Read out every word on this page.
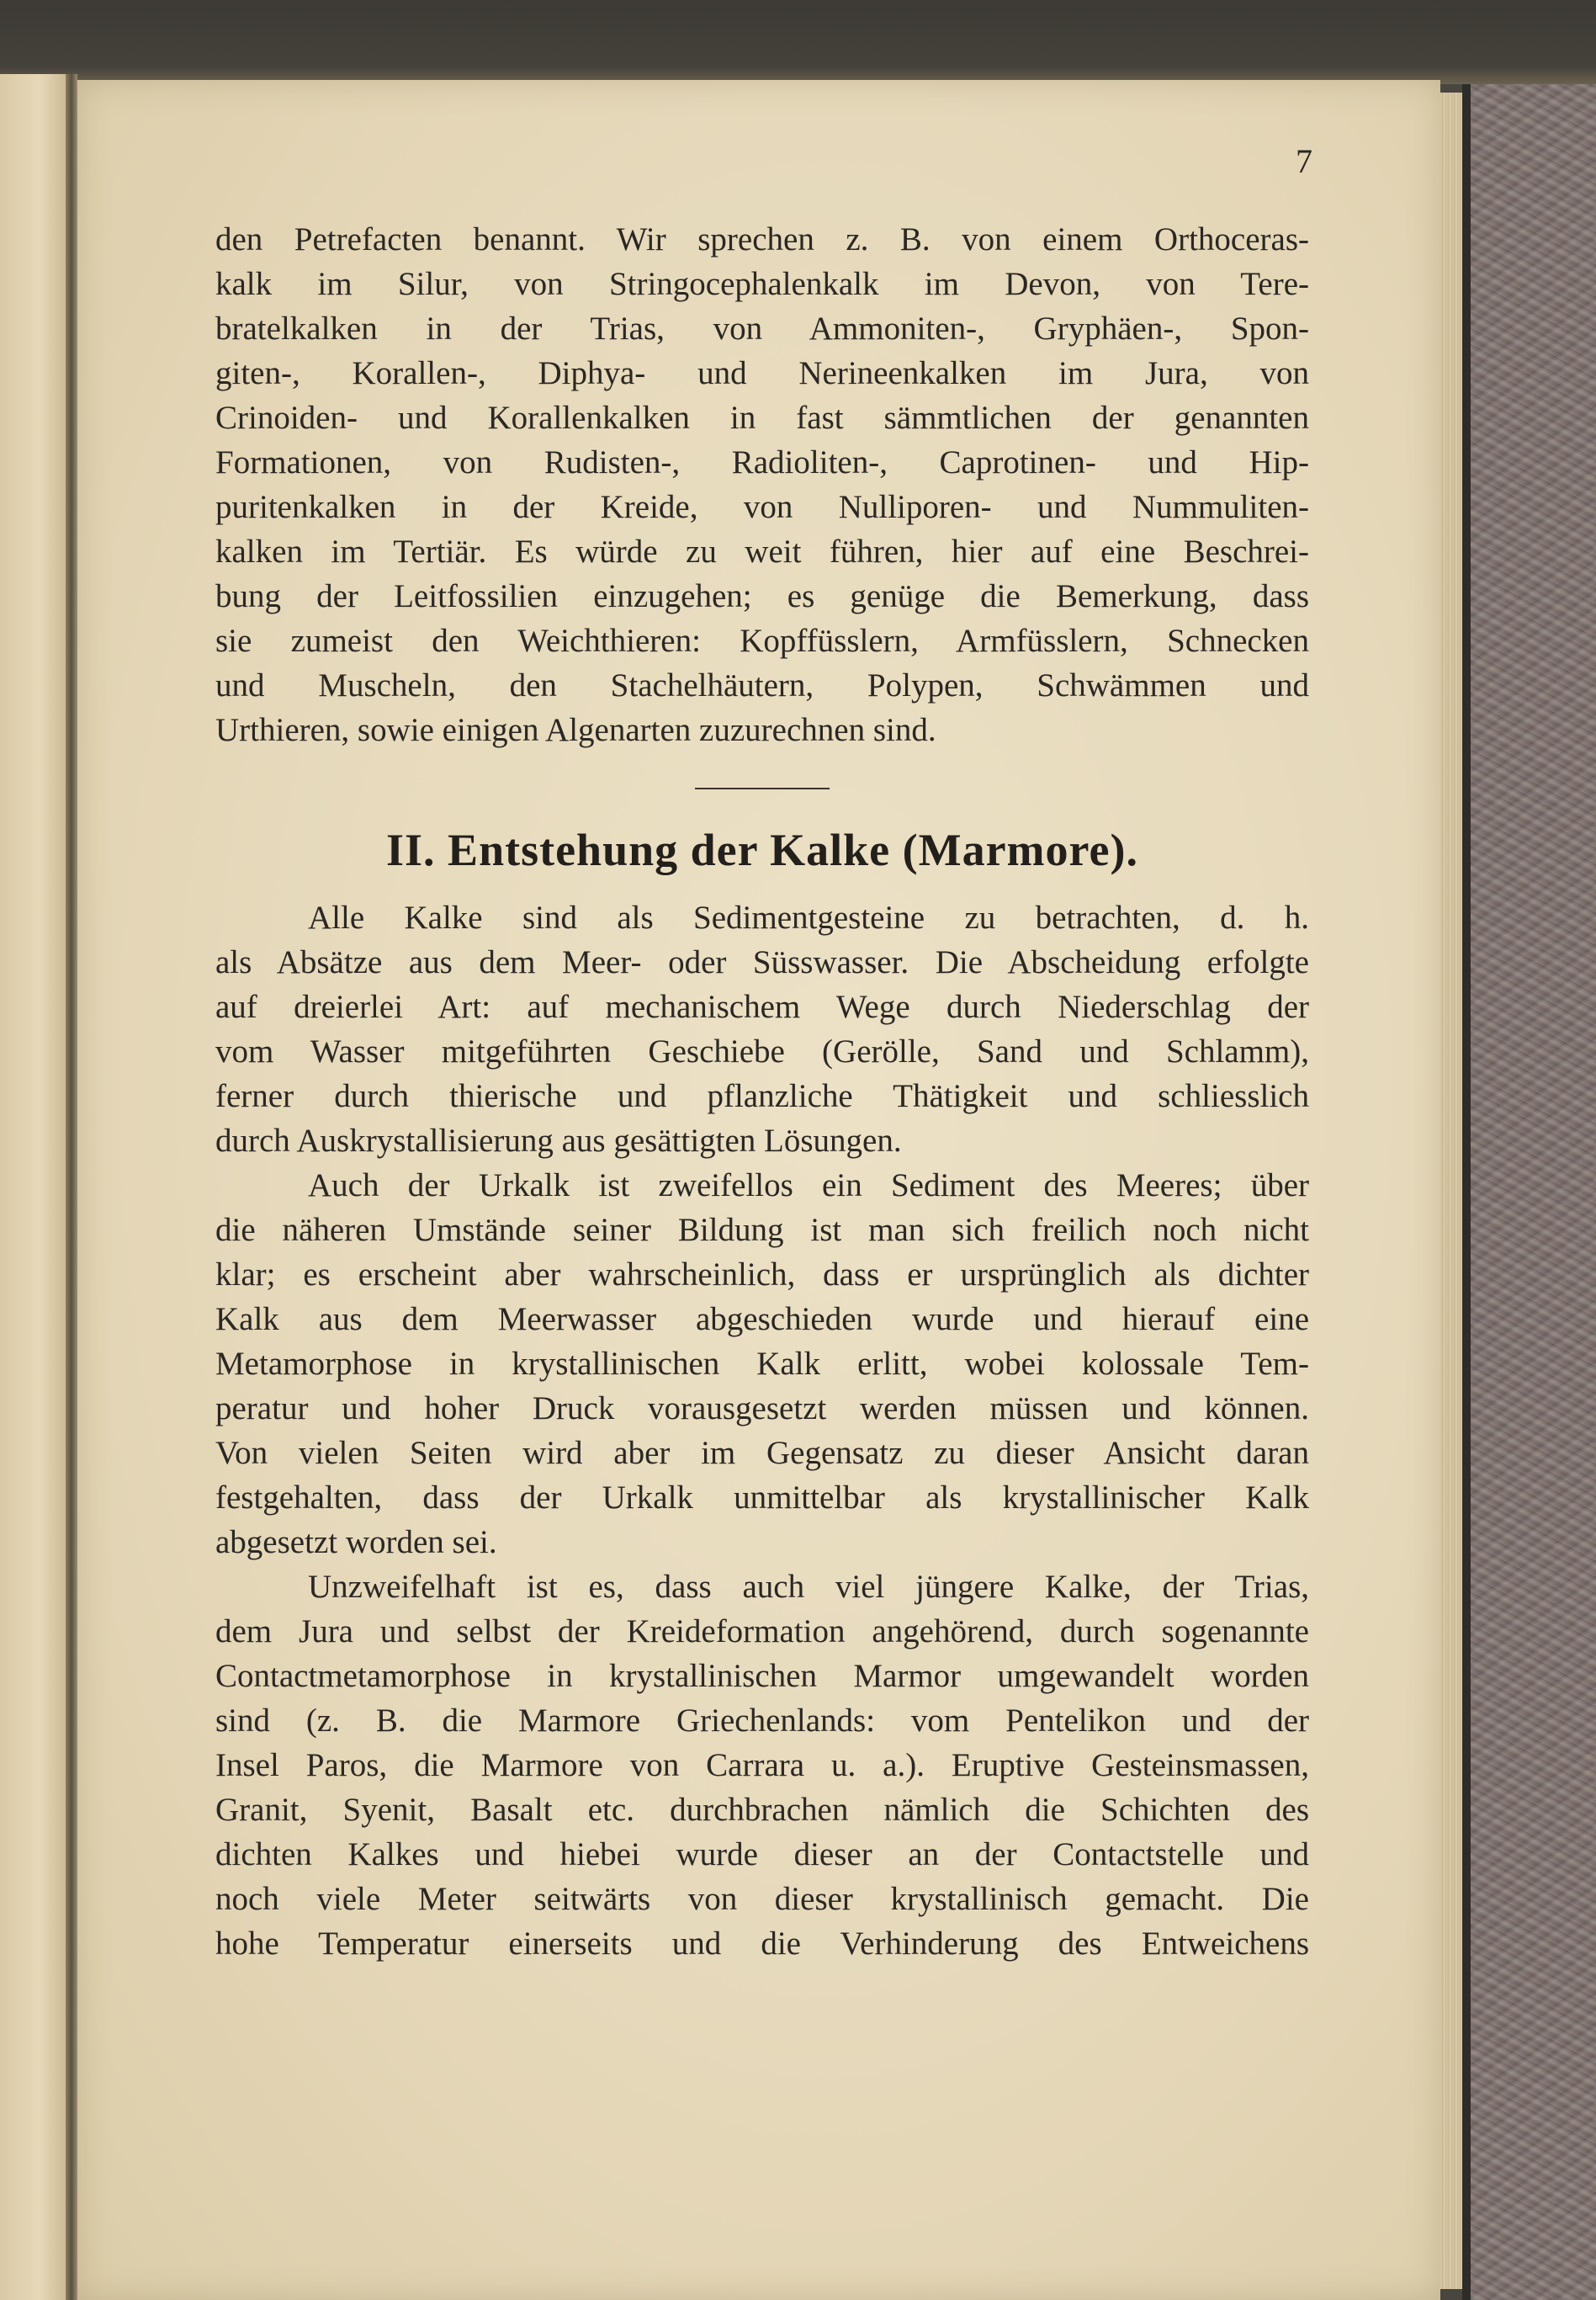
7
den Petrefacten benannt. Wir sprechen z. B. von einem Orthoceras-
kalk im Silur, von Stringocephalenkalk im Devon, von Tere-
bratelkalken in der Trias, von Ammoniten-, Gryphäen-, Spon-
giten-, Korallen-, Diphya- und Nerineenkalken im Jura, von
Crinoiden- und Korallenkalken in fast sämmtlichen der genannten
Formationen, von Rudisten-, Radioliten-, Caprotinen- und Hip-
puritenkalken in der Kreide, von Nulliporen- und Nummuliten-
kalken im Tertiär. Es würde zu weit führen, hier auf eine Beschrei-
bung der Leitfossilien einzugehen; es genüge die Bemerkung, dass
sie zumeist den Weichthieren: Kopffüsslern, Armfüsslern, Schnecken
und Muscheln, den Stachelhäutern, Polypen, Schwämmen und
Urthieren, sowie einigen Algenarten zuzurechnen sind.
II. Entstehung der Kalke (Marmore).
Alle Kalke sind als Sedimentgesteine zu betrachten, d. h.
als Absätze aus dem Meer- oder Süsswasser. Die Abscheidung erfolgte
auf dreierlei Art: auf mechanischem Wege durch Niederschlag der
vom Wasser mitgeführten Geschiebe (Gerölle, Sand und Schlamm),
ferner durch thierische und pflanzliche Thätigkeit und schliesslich
durch Auskrystallisierung aus gesättigten Lösungen.
Auch der Urkalk ist zweifellos ein Sediment des Meeres; über
die näheren Umstände seiner Bildung ist man sich freilich noch nicht
klar; es erscheint aber wahrscheinlich, dass er ursprünglich als dichter
Kalk aus dem Meerwasser abgeschieden wurde und hierauf eine
Metamorphose in krystallinischen Kalk erlitt, wobei kolossale Tem-
peratur und hoher Druck vorausgesetzt werden müssen und können.
Von vielen Seiten wird aber im Gegensatz zu dieser Ansicht daran
festgehalten, dass der Urkalk unmittelbar als krystallinischer Kalk
abgesetzt worden sei.
Unzweifelhaft ist es, dass auch viel jüngere Kalke, der Trias,
dem Jura und selbst der Kreideformation angehörend, durch sogenannte
Contactmetamorphose in krystallinischen Marmor umgewandelt worden
sind (z. B. die Marmore Griechenlands: vom Pentelikon und der
Insel Paros, die Marmore von Carrara u. a.). Eruptive Gesteinsmassen,
Granit, Syenit, Basalt etc. durchbrachen nämlich die Schichten des
dichten Kalkes und hiebei wurde dieser an der Contactstelle und
noch viele Meter seitwärts von dieser krystallinisch gemacht. Die
hohe Temperatur einerseits und die Verhinderung des Entweichens
